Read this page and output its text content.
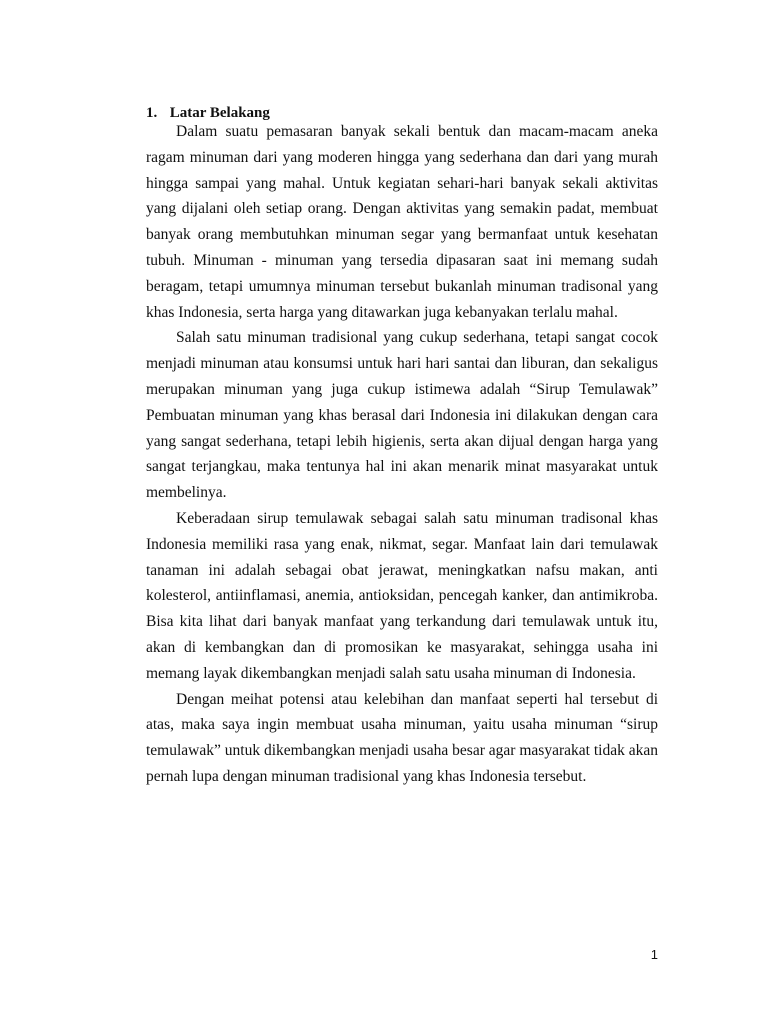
1. Latar Belakang
Dalam suatu pemasaran banyak sekali bentuk dan macam-macam aneka
ragam minuman dari yang moderen hingga yang sederhana dan dari yang murah
hingga sampai yang mahal. Untuk kegiatan sehari-hari banyak sekali aktivitas
yang dijalani oleh setiap orang. Dengan aktivitas yang semakin padat, membuat
banyak orang membutuhkan minuman segar yang bermanfaat untuk kesehatan
tubuh. Minuman - minuman yang tersedia dipasaran saat ini memang sudah
beragam, tetapi umumnya minuman tersebut bukanlah minuman tradisonal yang
khas Indonesia, serta harga yang ditawarkan juga kebanyakan terlalu mahal.
Salah satu minuman tradisional yang cukup sederhana, tetapi sangat cocok
menjadi minuman atau konsumsi untuk hari hari santai dan liburan, dan sekaligus
merupakan minuman yang juga cukup istimewa adalah “Sirup Temulawak”
Pembuatan minuman yang khas berasal dari Indonesia ini dilakukan dengan cara
yang sangat sederhana, tetapi lebih higienis, serta akan dijual dengan harga yang
sangat terjangkau, maka tentunya hal ini akan menarik minat masyarakat untuk
membelinya.
Keberadaan sirup temulawak sebagai salah satu minuman tradisonal khas
Indonesia memiliki rasa yang enak, nikmat, segar. Manfaat lain dari temulawak
tanaman ini adalah sebagai obat jerawat, meningkatkan nafsu makan, anti
kolesterol, antiinflamasi, anemia, antioksidan, pencegah kanker, dan antimikroba.
Bisa kita lihat dari banyak manfaat yang terkandung dari temulawak untuk itu,
akan di kembangkan dan di promosikan ke masyarakat, sehingga usaha ini
memang layak dikembangkan menjadi salah satu usaha minuman di Indonesia.
Dengan meihat potensi atau kelebihan dan manfaat seperti hal tersebut di
atas, maka saya ingin membuat usaha minuman, yaitu usaha minuman “sirup
temulawak” untuk dikembangkan menjadi usaha besar agar masyarakat tidak akan
pernah lupa dengan minuman tradisional yang khas Indonesia tersebut.
1
